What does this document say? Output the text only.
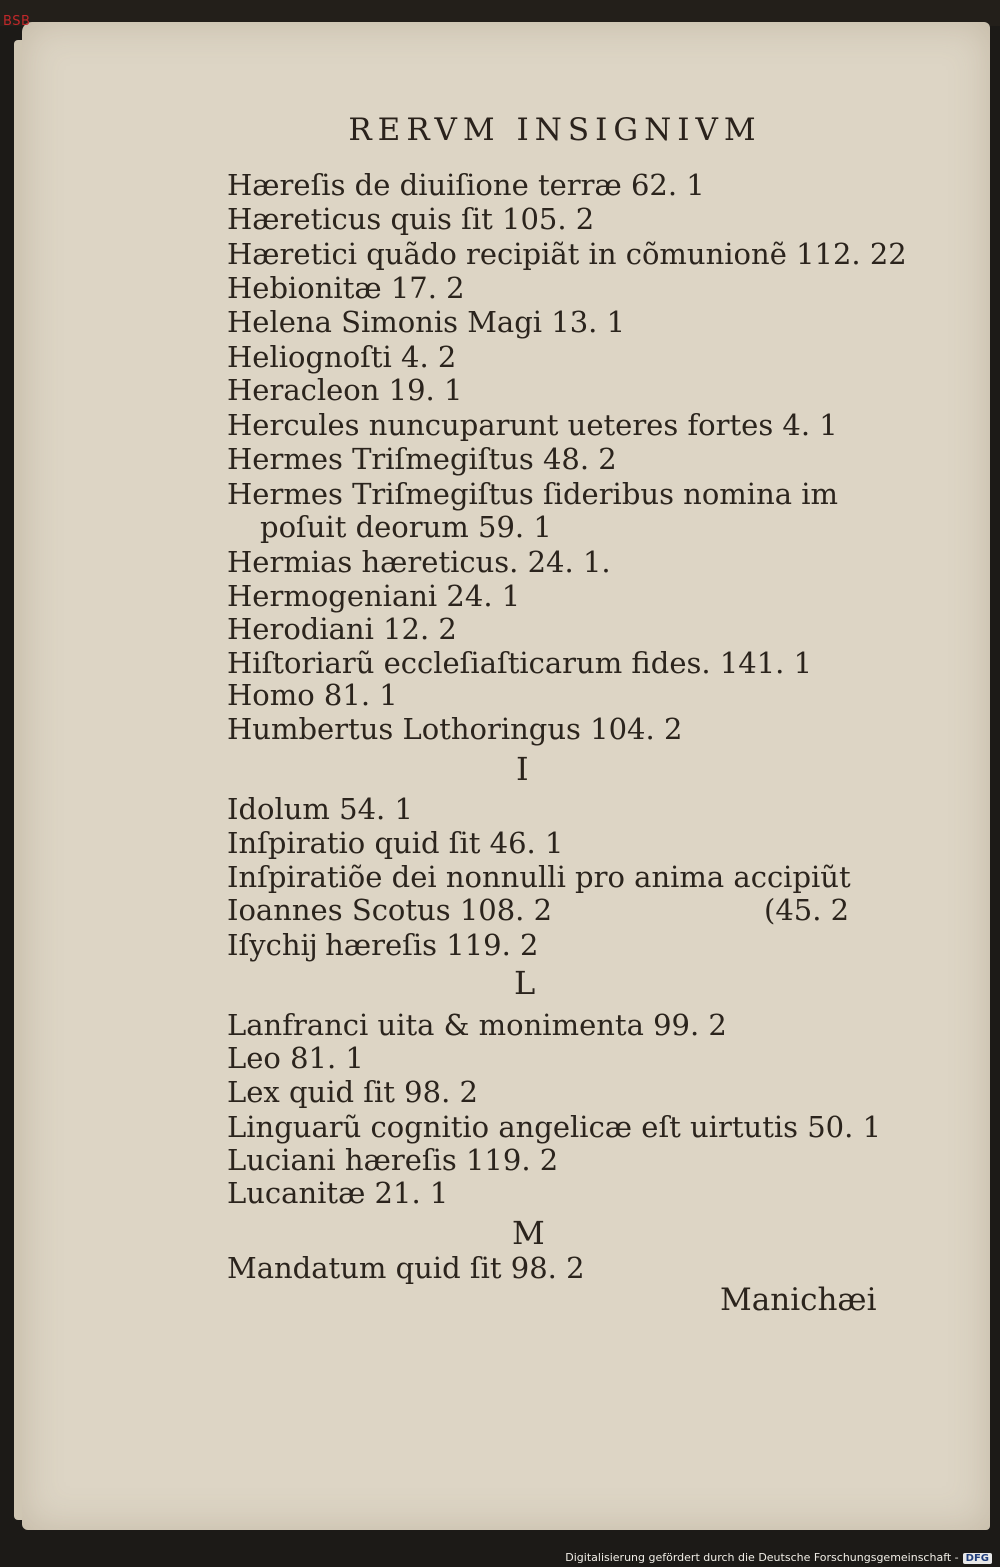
BSB
RERVM INSIGNIVM
Hæreſis de diuiſione terræ 62. 1
Hæreticus quis ſit 105. 2
Hæretici quãdo recipiãt in cõmunionẽ 112. 22
Hebionitæ 17. 2
Helena Simonis Magi 13. 1
Heliognoſti 4. 2
Heracleon 19. 1
Hercules nuncuparunt ueteres fortes 4. 1
Hermes Triſmegiſtus 48. 2
Hermes Triſmegiſtus ſideribus nomina im
poſuit deorum 59. 1
Hermias hæreticus. 24. 1.
Hermogeniani 24. 1
Herodiani 12. 2
Hiſtoriarũ eccleſiaſticarum fides. 141. 1
Homo 81. 1
Humbertus Lothoringus 104. 2
I
Idolum 54. 1
Inſpiratio quid ſit 46. 1
Inſpiratiõe dei nonnulli pro anima accipiũt
Ioannes Scotus 108. 2	(45. 2
Iſychĳ hæreſis 119. 2
L
Lanfranci uita & monimenta 99. 2
Leo 81. 1
Lex quid ſit 98. 2
Linguarũ cognitio angelicæ eſt uirtutis 50. 1
Luciani hæreſis 119. 2
Lucanitæ 21. 1
M
Mandatum quid ſit 98. 2
Manichæi
Digitalisierung gefördert durch die Deutsche Forschungsgemeinschaft - DFG
